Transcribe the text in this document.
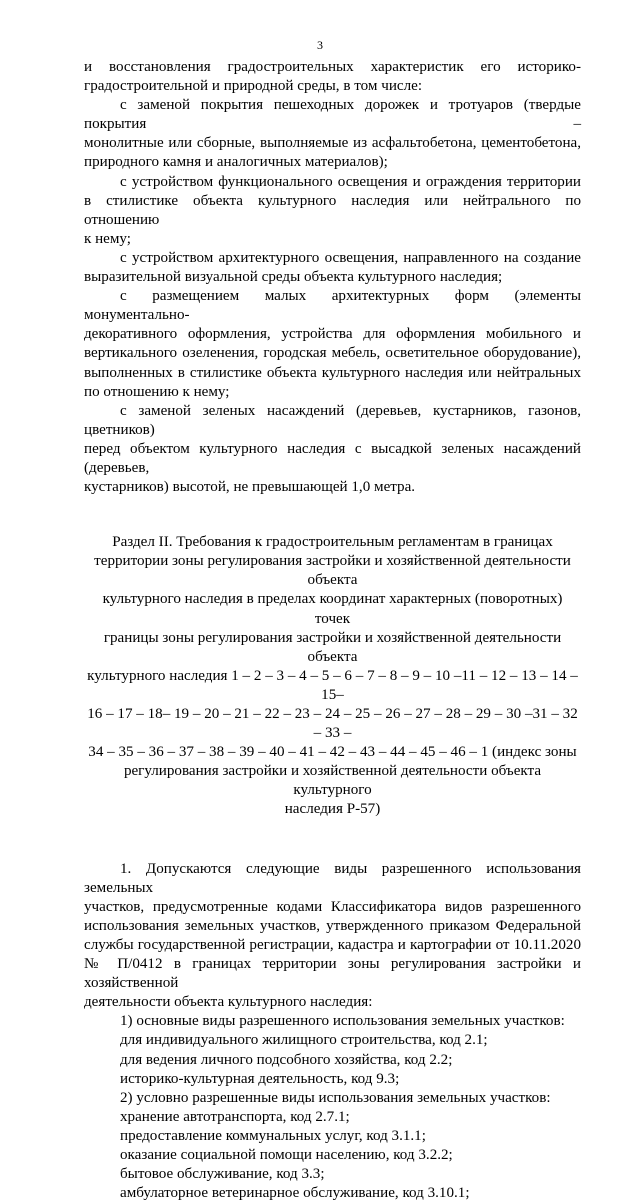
3

и восстановления градостроительных характеристик его историко-

градостроительной и природной среды, в том числе:

с заменой покрытия пешеходных дорожек и тротуаров (твердые покрытия –

монолитные или сборные, выполняемые из асфальтобетона, цементобетона,

природного камня и аналогичных материалов);

с устройством функционального освещения и ограждения территории

в стилистике объекта культурного наследия или нейтрального по отношению

к нему;

с устройством архитектурного освещения, направленного на создание

выразительной визуальной среды объекта культурного наследия;

с размещением малых архитектурных форм (элементы монументально-

декоративного оформления, устройства для оформления мобильного и

вертикального озеленения, городская мебель, осветительное оборудование),

выполненных в стилистике объекта культурного наследия или нейтральных

по отношению к нему;

с заменой зеленых насаждений (деревьев, кустарников, газонов, цветников)

перед объектом культурного наследия с высадкой зеленых насаждений (деревьев,

кустарников) высотой, не превышающей 1,0 метра.

Раздел II. Требования к градостроительным регламентам в границах

территории зоны регулирования застройки и хозяйственной деятельности объекта

культурного наследия в пределах координат характерных (поворотных) точек

границы зоны регулирования застройки и хозяйственной деятельности объекта

культурного наследия 1 – 2 – 3 – 4 – 5 – 6 – 7 – 8 – 9 – 10 –11 – 12 – 13 – 14 – 15–

16 – 17 – 18– 19 – 20 – 21 – 22 – 23 – 24 – 25 – 26 – 27 – 28 – 29 – 30 –31 – 32 – 33 –

34 – 35 – 36 – 37 – 38 – 39 – 40 – 41 – 42 – 43 – 44 – 45 – 46 – 1 (индекс зоны

регулирования застройки и хозяйственной деятельности объекта культурного

наследия Р-57)

1. Допускаются следующие виды разрешенного использования земельных

участков, предусмотренные кодами Классификатора видов разрешенного

использования земельных участков, утвержденного приказом Федеральной

службы государственной регистрации, кадастра и картографии от 10.11.2020

№ П/0412 в границах территории зоны регулирования застройки и хозяйственной

деятельности объекта культурного наследия:

1) основные виды разрешенного использования земельных участков:

для индивидуального жилищного строительства, код 2.1;

для ведения личного подсобного хозяйства, код 2.2;

историко-культурная деятельность, код 9.3;

2) условно разрешенные виды использования земельных участков:

хранение автотранспорта, код 2.7.1;

предоставление коммунальных услуг, код 3.1.1;

оказание социальной помощи населению, код 3.2.2;

бытовое обслуживание, код 3.3;

амбулаторное ветеринарное обслуживание, код 3.10.1;
